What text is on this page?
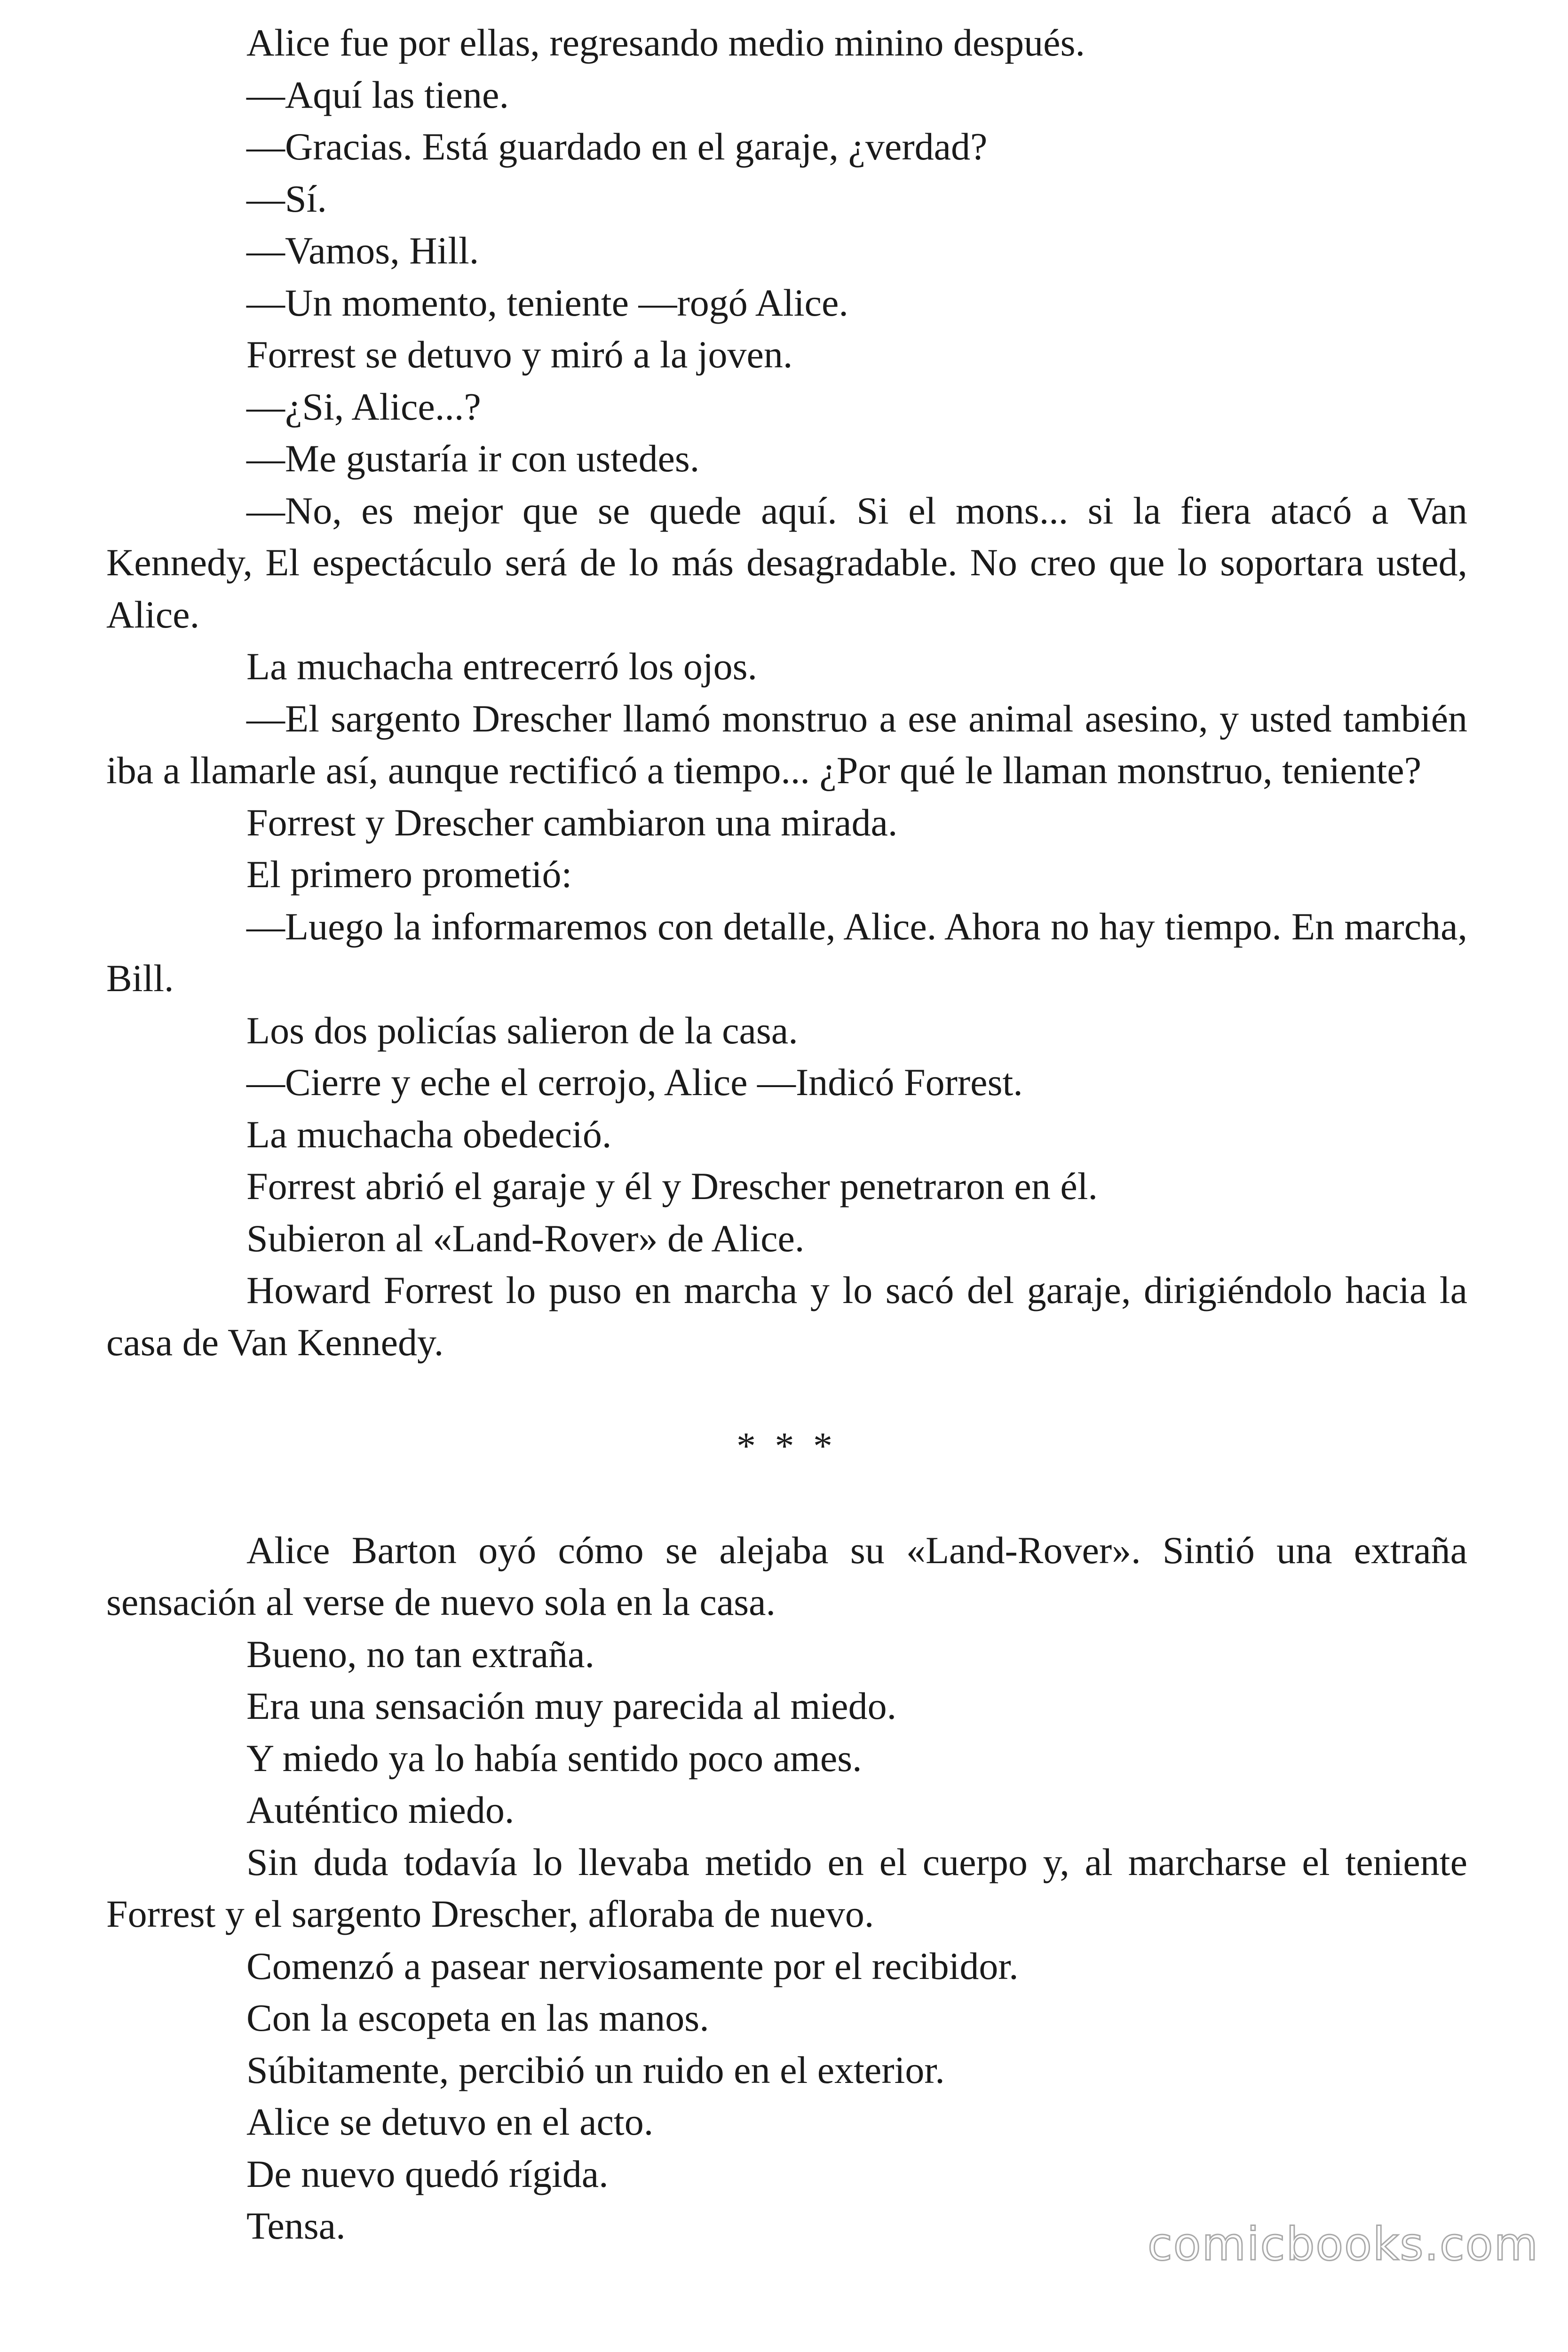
Alice fue por ellas, regresando medio minino después.

—Aquí las tiene.

—Gracias. Está guardado en el garaje, ¿verdad?

—Sí.

—Vamos, Hill.

—Un momento, teniente —rogó Alice.

Forrest se detuvo y miró a la joven.

—¿Si, Alice...?

—Me gustaría ir con ustedes.

—No, es mejor que se quede aquí. Si el mons... si la fiera atacó a Van Kennedy, El espectáculo será de lo más desagradable. No creo que lo soportara usted, Alice.

La muchacha entrecerró los ojos.

—El sargento Drescher llamó monstruo a ese animal asesino, y usted también iba a llamarle así, aunque rectificó a tiempo... ¿Por qué le llaman monstruo, teniente?

Forrest y Drescher cambiaron una mirada.

El primero prometió:

—Luego la informaremos con detalle, Alice. Ahora no hay tiempo. En marcha, Bill.

Los dos policías salieron de la casa.

—Cierre y eche el cerrojo, Alice —Indicó Forrest.

La muchacha obedeció.

Forrest abrió el garaje y él y Drescher penetraron en él.

Subieron al «Land-Rover» de Alice.

Howard Forrest lo puso en marcha y lo sacó del garaje, dirigiéndolo hacia la casa de Van Kennedy.

* * *

Alice Barton oyó cómo se alejaba su «Land-Rover». Sintió una extraña sensación al verse de nuevo sola en la casa.

Bueno, no tan extraña.

Era una sensación muy parecida al miedo.

Y miedo ya lo había sentido poco ames.

Auténtico miedo.

Sin duda todavía lo llevaba metido en el cuerpo y, al marcharse el teniente Forrest y el sargento Drescher, afloraba de nuevo.

Comenzó a pasear nerviosamente por el recibidor.

Con la escopeta en las manos.

Súbitamente, percibió un ruido en el exterior.

Alice se detuvo en el acto.

De nuevo quedó rígida.

Tensa.	comicbooks.com
